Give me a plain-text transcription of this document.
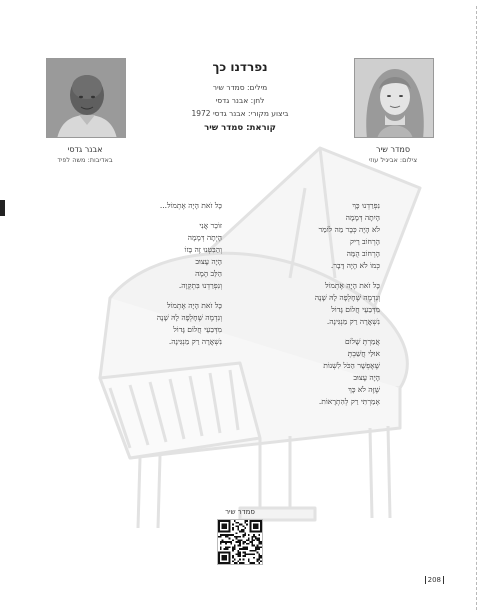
נפרדנו כך
מילים: סמדר שיר
לחן: אבנר גדסי
ביצוע מקורי: אבנר גדסי 1972
קוראת: סמדר שיר
אבנר גדסי
באדיבות: משה לפיד
סמדר שיר
צילום: אביגיל עוזי
נִפְרַדְנוּ כָּךְ
הָיִתָה דְּמָמָה
לֹא הָיָה כְּבָר מַה לוֹמַר
הָרְחוֹב רֵיק
הָרְחוֹב הֻמָּה
כְּמוֹ לֹא הָיָה דָּבָר.
כָּל זֹאת הָיָה אֶתְמוֹל
וְנִדְמֶה שֶׁחָלְפָה לָהּ שָׁנָה
מִדְּבַעֵי חֲלוֹם גָּדוֹל
נִשְׁאֲרָה רַק מַנְגִּינָה.
אֲמַרְתְּ שָׁלוֹם
אוּלַי חֲשַׁבְתְּ
שֶׁאֶפְשָׁר הַכֹּל לִשְׁנוֹת
הָיָה עָצוּב
שֶׁזֶּה לֹא כָּךְ
אָמַרְתִּי רַק לְהִתְרָאוֹת.
כָּל זֹאת הָיָה אֶתְמוֹל...
זוֹכֵר אֲנִי
הָיְתָה דְּמָמָה
וְהַבִּטְנוּ זֶה בָּזוֹ
הָיָה עָצוּב
הַלֵּב הָמָה
וְנִפְרַדְנוּ בִּתְקְוָה.
כָּל זֹאת הָיָה אֶתְמוֹל
וְנִדְמֶה שֶׁחָלְפָה לָהּ שָׁנָה
מִדְּבַעֵי חֲלוֹם גָּדוֹל
נִשְׁאֲרָה רַק מַנְגִּינָה.
סמדר שיר
208
